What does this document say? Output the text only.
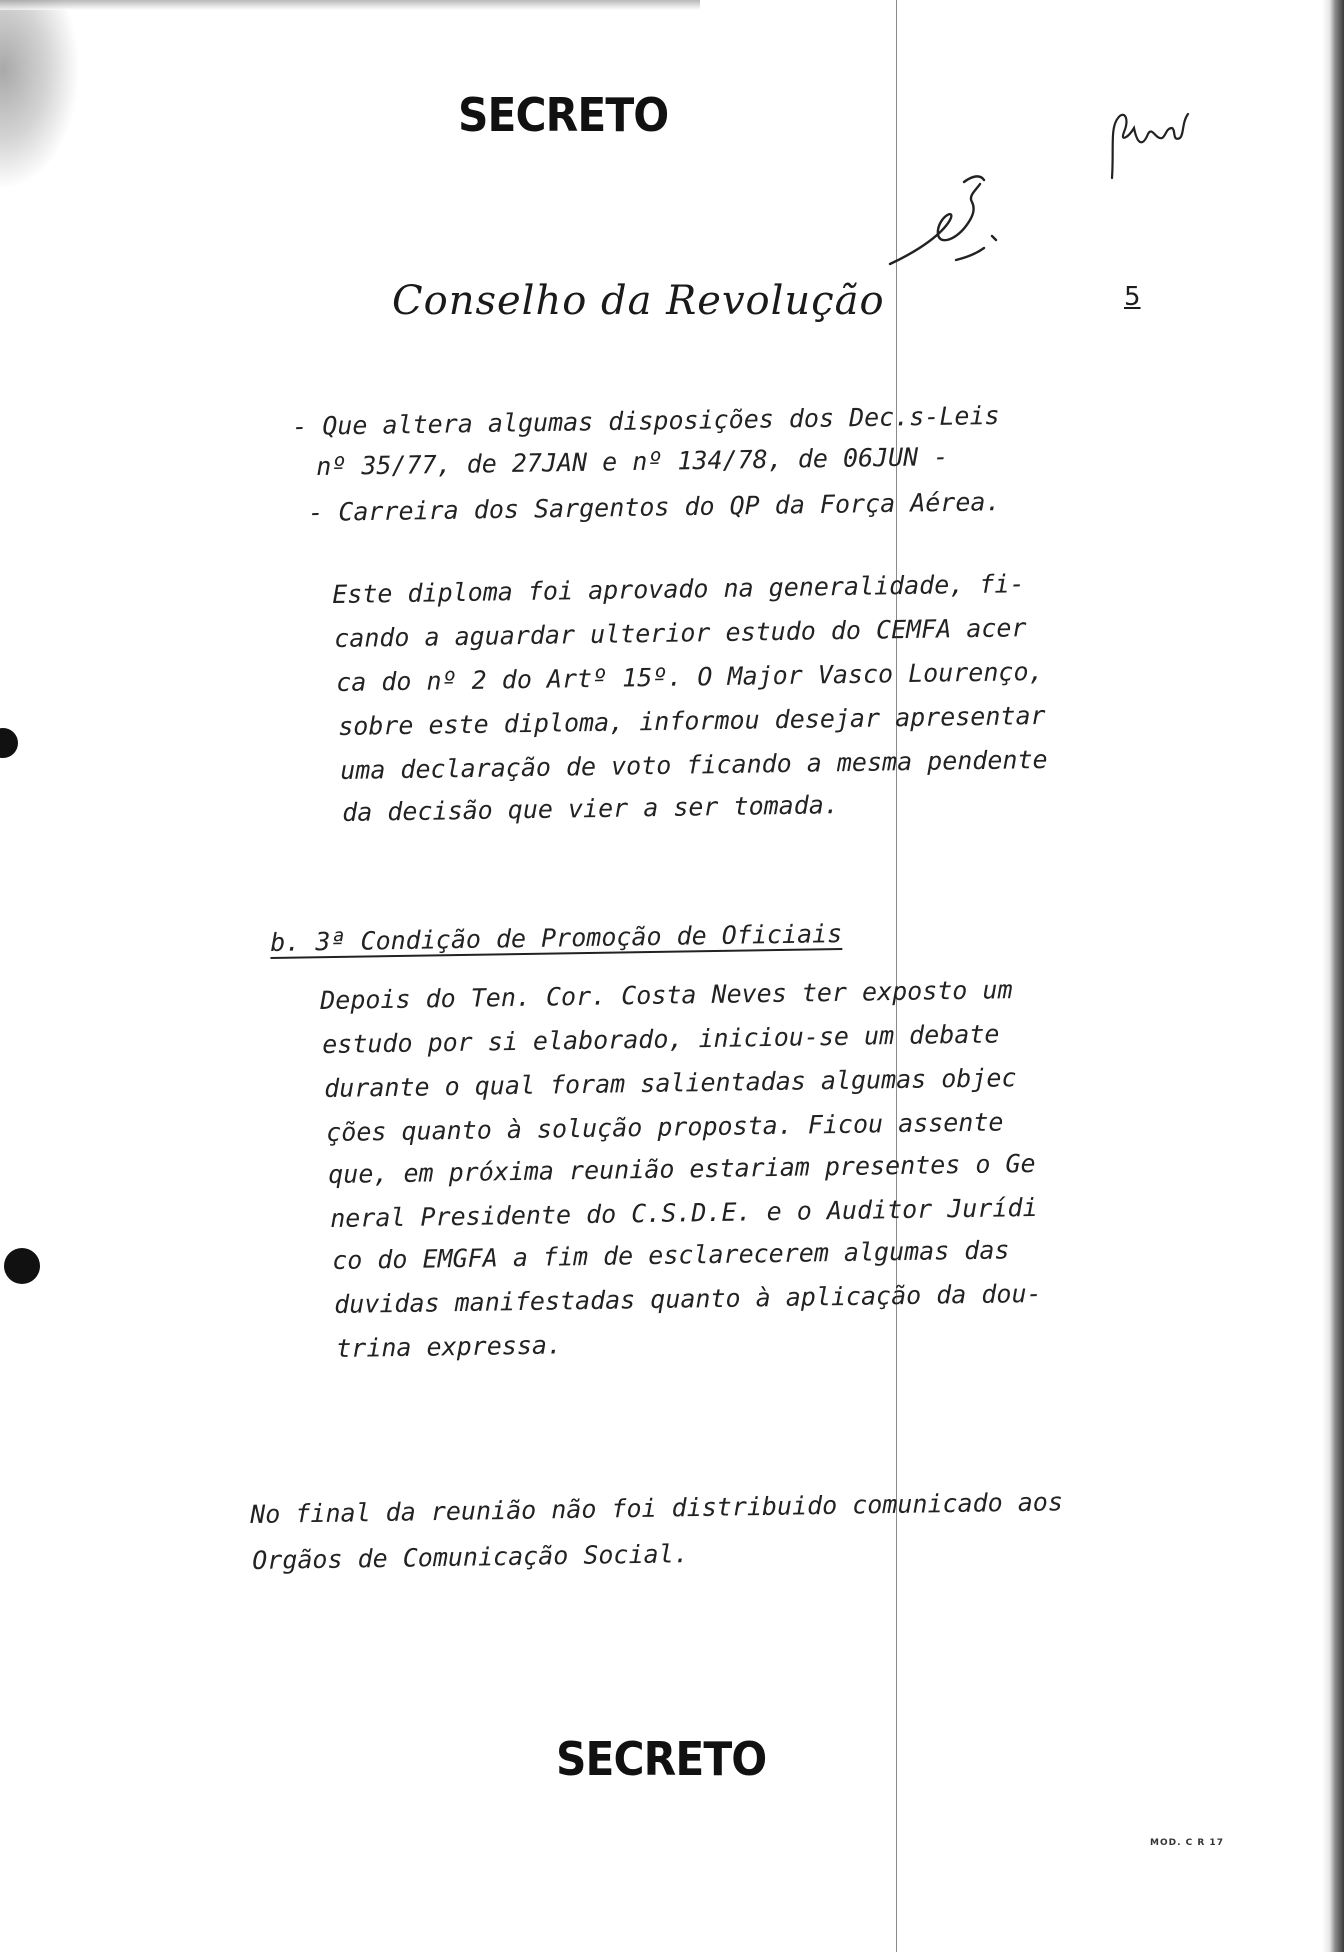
SECRETO
Conselho da Revolução	5
- Que altera algumas disposições dos Dec.s-Leis
nº 35/77, de 27JAN e nº 134/78, de 06JUN -
- Carreira dos Sargentos do QP da Força Aérea.
Este diploma foi aprovado na generalidade, fi-
cando a aguardar ulterior estudo do CEMFA acer
ca do nº 2 do Artº 15º. O Major Vasco Lourenço,
sobre este diploma, informou desejar apresentar
uma declaração de voto ficando a mesma pendente
da decisão que vier a ser tomada.
b. 3ª Condição de Promoção de Oficiais
Depois do Ten. Cor. Costa Neves ter exposto um
estudo por si elaborado, iniciou-se um debate
durante o qual foram salientadas algumas objec
ções quanto à solução proposta. Ficou assente
que, em próxima reunião estariam presentes o Ge
neral Presidente do C.S.D.E. e o Auditor Jurídi
co do EMGFA a fim de esclarecerem algumas das
duvidas manifestadas quanto à aplicação da dou-
trina expressa.
No final da reunião não foi distribuido comunicado aos
Orgãos de Comunicação Social.
SECRETO
MOD. C R 17
